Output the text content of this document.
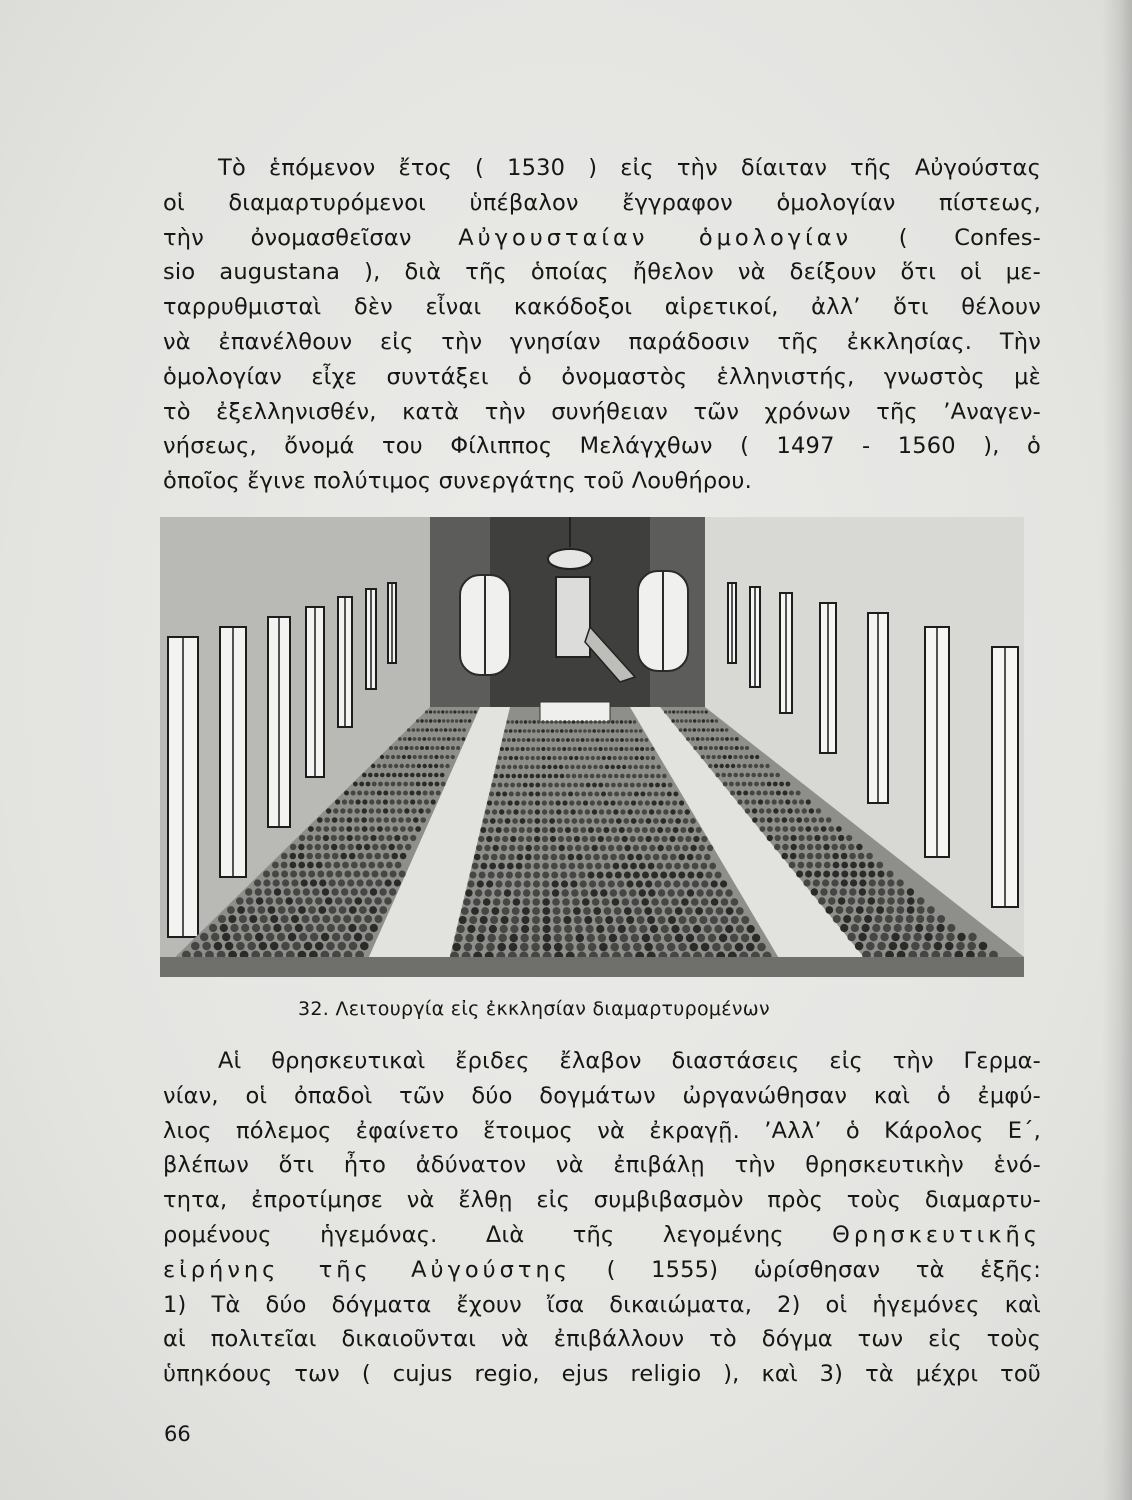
Τὸ ἑπόμενον ἔτος ( 1530 ) εἰς τὴν δίαιταν τῆς Αὐγούστας
οἱ διαμαρτυρόμενοι ὑπέβαλον ἔγγραφον ὁμολογίαν πίστεως,
τὴν ὀνομασθεῖσαν Αὐγουσταίαν ὁμολογίαν ( Confes-
sio augustana ), διὰ τῆς ὁποίας ἤθελον νὰ δείξουν ὅτι οἱ με-
ταρρυθμισταὶ δὲν εἶναι κακόδοξοι αἱρετικοί, ἀλλ’ ὅτι θέλουν
νὰ ἐπανέλθουν εἰς τὴν γνησίαν παράδοσιν τῆς ἐκκλησίας. Τὴν
ὁμολογίαν εἶχε συντάξει ὁ ὀνομαστὸς ἑλληνιστής, γνωστὸς μὲ
τὸ ἐξελληνισθέν, κατὰ τὴν συνήθειαν τῶν χρόνων τῆς ’Αναγεν-
νήσεως, ὄνομά του Φίλιππος Μελάγχθων ( 1497 - 1560 ), ὁ
ὁποῖος ἔγινε πολύτιμος συνεργάτης τοῦ Λουθήρου.
32. Λειτουργία εἰς ἐκκλησίαν διαμαρτυρομένων
Αἱ θρησκευτικαὶ ἔριδες ἔλαβον διαστάσεις εἰς τὴν Γερμα-
νίαν, οἱ ὀπαδοὶ τῶν δύο δογμάτων ὠργανώθησαν καὶ ὁ ἐμφύ-
λιος πόλεμος ἐφαίνετο ἕτοιμος νὰ ἐκραγῇ. ’Αλλ’ ὁ Κάρολος Ε΄,
βλέπων ὅτι ἦτο ἀδύνατον νὰ ἐπιβάλῃ τὴν θρησκευτικὴν ἑνό-
τητα, ἐπροτίμησε νὰ ἔλθῃ εἰς συμβιβασμὸν πρὸς τοὺς διαμαρτυ-
ρομένους ἡγεμόνας. Διὰ τῆς λεγομένης Θρησκευτικῆς
εἰρήνης τῆς Αὐγούστης ( 1555) ὡρίσθησαν τὰ ἑξῆς:
1) Τὰ δύο δόγματα ἔχουν ἴσα δικαιώματα, 2) οἱ ἡγεμόνες καὶ
αἱ πολιτεῖαι δικαιοῦνται νὰ ἐπιβάλλουν τὸ δόγμα των εἰς τοὺς
ὑπηκόους των ( cujus regio, ejus religio ), καὶ 3) τὰ μέχρι τοῦ
66
